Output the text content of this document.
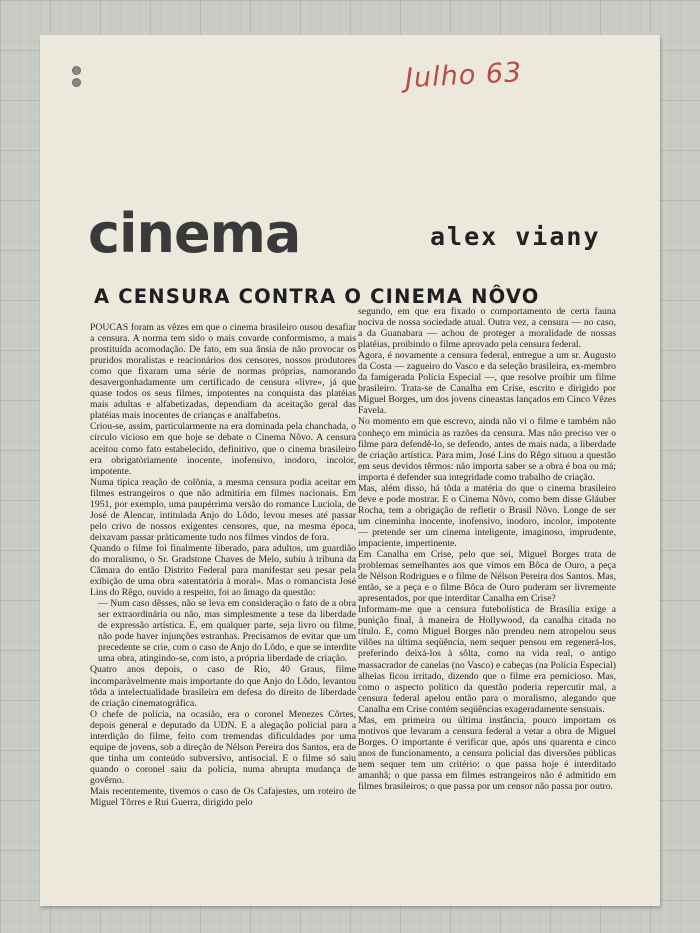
Julho 63
cinema	alex viany
A CENSURA CONTRA O CINEMA NÔVO

POUCAS foram as vêzes em que o cinema brasileiro ousou desafiar a censura. A norma tem sido o mais covarde conformismo, a mais prostituída acomodação. De fato, em sua ânsia de não provocar os pruridos moralistas e reacionários dos censores, nossos produtores como que fixaram uma série de normas próprias, namorando desavergonhadamente um certificado de censura «livre», já que quase todos os seus filmes, impotentes na conquista das platéias mais adultas e alfabetizadas, dependiam da aceitação geral das platéias mais inocentes de crianças e analfabetos.

Criou-se, assim, particularmente na era dominada pela chanchada, o círculo vicioso em que hoje se debate o Cinema Nôvo. A censura aceitou como fato estabelecido, definitivo, que o cinema brasileiro era obrigatòriamente inocente, inofensivo, inodoro, incolor, impotente.

Numa típica reação de colônia, a mesma censura podia aceitar em filmes estrangeiros o que não admitiria em filmes nacionais. Em 1951, por exemplo, uma paupérrima versão do romance Lucíola, de José de Alencar, intitulada Anjo do Lôdo, levou meses até passar pelo crivo de nossos exigentes censores, que, na mesma época, deixavam passar pràticamente tudo nos filmes vindos de fora.

Quando o filme foi finalmente liberado, para adultos, um guardião do moralismo, o Sr. Gradstone Chaves de Melo, subiu à tribuna da Câmara do então Distrito Federal para manifestar seu pesar pela exibição de uma obra «atentatória à moral». Mas o romancista José Lins do Rêgo, ouvido a respeito, foi ao âmago da questão:

— Num caso dêsses, não se leva em consideração o fato de a obra ser extraordinária ou não, mas simplesmente a tese da liberdade de expressão artística. E, em qualquer parte, seja livro ou filme, não pode haver injunções estranhas. Precisamos de evitar que um precedente se crie, com o caso de Anjo do Lôdo, e que se interdite uma obra, atingindo-se, com isto, a própria liberdade de criação.

Quatro anos depois, o caso de Rio, 40 Graus, filme incomparàvelmente mais importante do que Anjo do Lôdo, levantou tôda a intelectualidade brasileira em defesa do direito de liberdade de criação cinematográfica.

O chefe de polícia, na ocasião, era o coronel Menezes Côrtes, depois general e deputado da UDN. E a alegação policial para a interdição do filme, feito com tremendas dificuldades por uma equipe de jovens, sob a direção de Nélson Pereira dos Santos, era de que tinha um conteúdo subversivo, antisocial. E o filme só saiu quando o coronel saiu da polícia, numa abrupta mudança de govêrno.

Mais recentemente, tivemos o caso de Os Cafajestes, um roteiro de Miguel Tôrres e Rui Guerra, dirigido pelo

segundo, em que era fixado o comportamento de certa fauna nociva de nossa sociedade atual. Outra vez, a censura — no caso, a da Guanabara — achou de proteger a moralidade de nossas platéias, proibindo o filme aprovado pela censura federal.

Agora, é novamente a censura federal, entregue a um sr. Augusto da Costa — zagueiro do Vasco e da seleção brasileira, ex-membro da famigerada Polícia Especial —, que resolve proibir um filme brasileiro. Trata-se de Canalha em Crise, escrito e dirigido por Miguel Borges, um dos jovens cineastas lançados em Cinco Vêzes Favela.

No momento em que escrevo, ainda não vi o filme e também não conheço em minúcia as razões da censura. Mas não preciso ver o filme para defendê-lo, se defendo, antes de mais nada, a liberdade de criação artística. Para mim, José Lins do Rêgo situou a questão em seus devidos têrmos: não importa saber se a obra é boa ou má; importa é defender sua integridade como trabalho de criação.

Mas, além disso, há tôda a matéria do que o cinema brasileiro deve e pode mostrar. E o Cinema Nôvo, como bem disse Gláuber Rocha, tem a obrigação de refletir o Brasil Nôvo. Longe de ser um cineminha inocente, inofensivo, inodoro, incolor, impotente — pretende ser um cinema inteligente, imaginoso, imprudente, impaciente, impertinente.

Em Canalha em Crise, pelo que sei, Miguel Borges trata de problemas semelhantes aos que vimos em Bôca de Ouro, a peça de Nélson Rodrigues e o filme de Nélson Pereira dos Santos. Mas, então, se a peça e o filme Bôca de Ouro puderam ser livremente apresentados, por que interditar Canalha em Crise?

Informam-me que a censura futebolística de Brasília exige a punição final, à maneira de Hollywood, da canalha citada no título. E, como Miguel Borges não prendeu nem atropelou seus vilões na última seqüência, nem sequer pensou em regenerá-los, preferindo deixá-los à sôlta, como na vida real, o antigo massacrador de canelas (no Vasco) e cabeças (na Polícia Especial) alheias ficou irritado, dizendo que o filme era pernicioso. Mas, como o aspecto político da questão poderia repercutir mal, a censura federal apelou então para o moralismo, alegando que Canalha em Crise contém seqüências exageradamente sensuais.

Mas, em primeira ou última instância, pouco importam os motivos que levaram a censura federal a vetar a obra de Miguel Borges. O importante é verificar que, após uns quarenta e cinco anos de funcionamento, a censura policial das diversões públicas nem sequer tem um critério: o que passa hoje é interditado amanhã; o que passa em filmes estrangeiros não é admitido em filmes brasileiros; o que passa por um censor não passa por outro.
